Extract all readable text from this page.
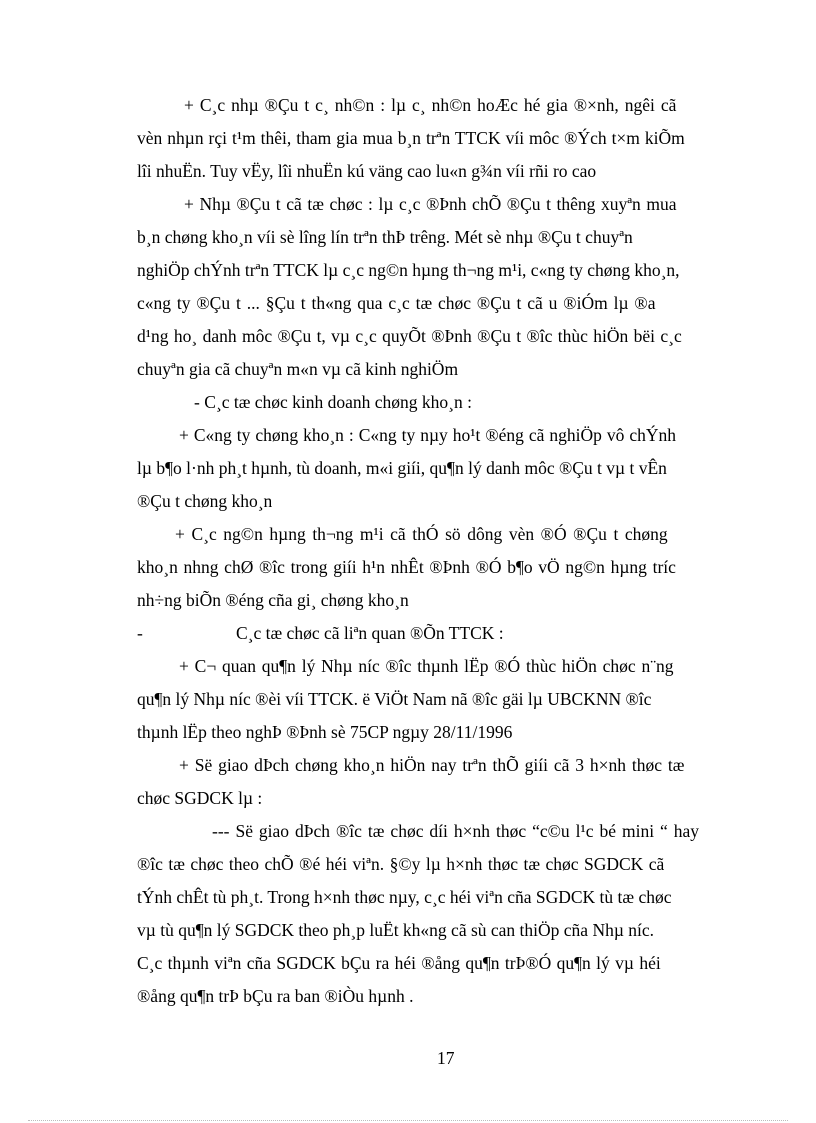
+ C¸c nhµ ®Çu t c¸ nh©n : lµ c¸ nh©n hoÆc hé gia ®×nh, ngêi cã
vèn nhµn rçi t¹m thêi, tham gia mua b¸n trªn TTCK víi môc ®Ých t×m kiÕm
lîi nhuËn. Tuy vËy, lîi nhuËn kú väng cao lu«n g¾n víi rñi ro cao
+ Nhµ ®Çu t cã tæ chøc : lµ c¸c ®Þnh chÕ ®Çu t thêng xuyªn mua
b¸n chøng kho¸n víi sè lîng lín trªn thÞ trêng. Mét sè nhµ ®Çu t chuyªn
nghiÖp chÝnh trªn TTCK lµ c¸c ng©n hµng th¬ng m¹i, c«ng ty chøng kho¸n,
c«ng ty ®Çu t ... §Çu t th«ng qua c¸c tæ chøc ®Çu t cã u ®iÓm lµ ®a
d¹ng ho¸ danh môc ®Çu t, vµ c¸c quyÕt ®Þnh ®Çu t ®îc thùc hiÖn bëi c¸c
chuyªn gia cã chuyªn m«n vµ cã kinh nghiÖm
- C¸c tæ chøc kinh doanh chøng kho¸n :
+ C«ng ty chøng kho¸n : C«ng ty nµy ho¹t ®éng cã nghiÖp vô chÝnh
lµ b¶o l·nh ph¸t hµnh, tù doanh, m«i giíi, qu¶n lý danh môc ®Çu t vµ t vÊn
®Çu t chøng kho¸n
+ C¸c ng©n hµng th¬ng m¹i cã thÓ sö dông vèn ®Ó ®Çu t chøng
kho¸n nhng chØ ®îc trong giíi h¹n nhÊt ®Þnh ®Ó b¶o vÖ ng©n hµng tríc
nh÷ng biÕn ®éng cña gi¸ chøng kho¸n
-	C¸c tæ chøc cã liªn quan ®Õn TTCK :
+ C¬ quan qu¶n lý Nhµ níc ®îc thµnh lËp ®Ó thùc hiÖn chøc n¨ng
qu¶n lý Nhµ níc ®èi víi TTCK. ë ViÖt Nam nã ®îc gäi lµ UBCKNN ®îc
thµnh lËp theo nghÞ ®Þnh sè 75CP ngµy 28/11/1996
+ Së giao dÞch chøng kho¸n hiÖn nay trªn thÕ giíi cã 3 h×nh thøc tæ
chøc SGDCK lµ :
--- Së giao dÞch ®îc tæ chøc díi h×nh thøc “c©u l¹c bé mini “ hay
®îc tæ chøc theo chÕ ®é héi viªn. §©y lµ h×nh thøc tæ chøc SGDCK cã
tÝnh chÊt tù ph¸t. Trong h×nh thøc nµy, c¸c héi viªn cña SGDCK tù tæ chøc
vµ tù qu¶n lý SGDCK theo ph¸p luËt kh«ng cã sù can thiÖp cña Nhµ níc.
C¸c thµnh viªn cña SGDCK bÇu ra héi ®ång qu¶n trÞ®Ó qu¶n lý vµ héi
®ång qu¶n trÞ bÇu ra ban ®iÒu hµnh .
17
